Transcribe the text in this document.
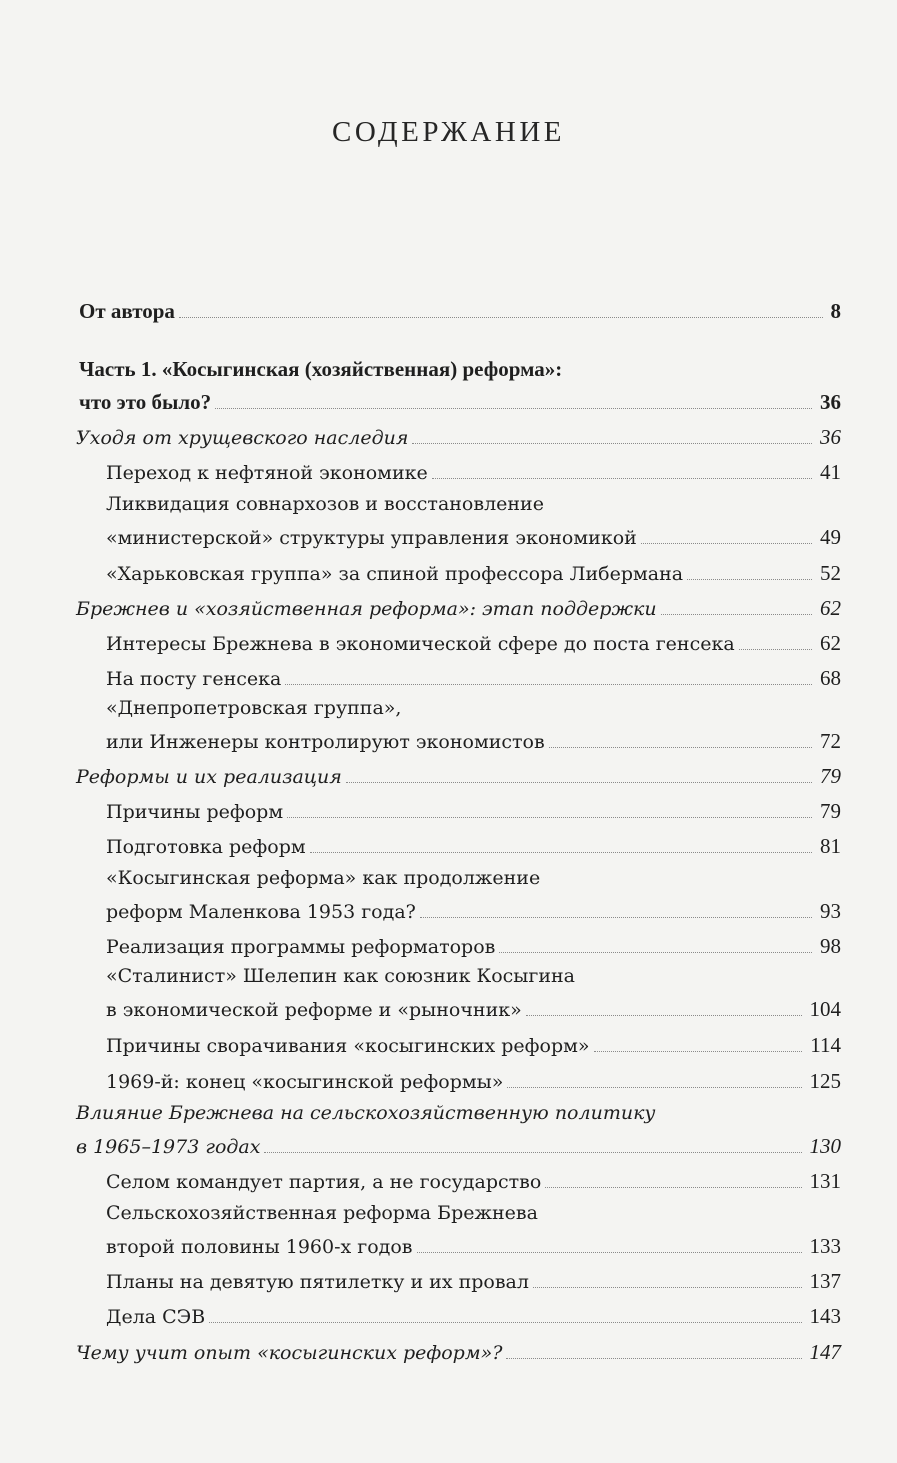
СОДЕРЖАНИЕ
От автора	8
Часть 1. «Косыгинская (хозяйственная) реформа»:
что это было?	36
Уходя от хрущевского наследия	36
Переход к нефтяной экономике	41
Ликвидация совнархозов и восстановление
«министерской» структуры управления экономикой	49
«Харьковская группа» за спиной профессора Либермана	52
Брежнев и «хозяйственная реформа»: этап поддержки	62
Интересы Брежнева в экономической сфере до поста генсека	62
На посту генсека	68
«Днепропетровская группа»,
или Инженеры контролируют экономистов	72
Реформы и их реализация	79
Причины реформ	79
Подготовка реформ	81
«Косыгинская реформа» как продолжение
реформ Маленкова 1953 года?	93
Реализация программы реформаторов	98
«Сталинист» Шелепин как союзник Косыгина
в экономической реформе и «рыночник»	104
Причины сворачивания «косыгинских реформ»	114
1969-й: конец «косыгинской реформы»	125
Влияние Брежнева на сельскохозяйственную политику
в 1965–1973 годах	130
Селом командует партия, а не государство	131
Сельскохозяйственная реформа Брежнева
второй половины 1960-х годов	133
Планы на девятую пятилетку и их провал	137
Дела СЭВ	143
Чему учит опыт «косыгинских реформ»?	147
